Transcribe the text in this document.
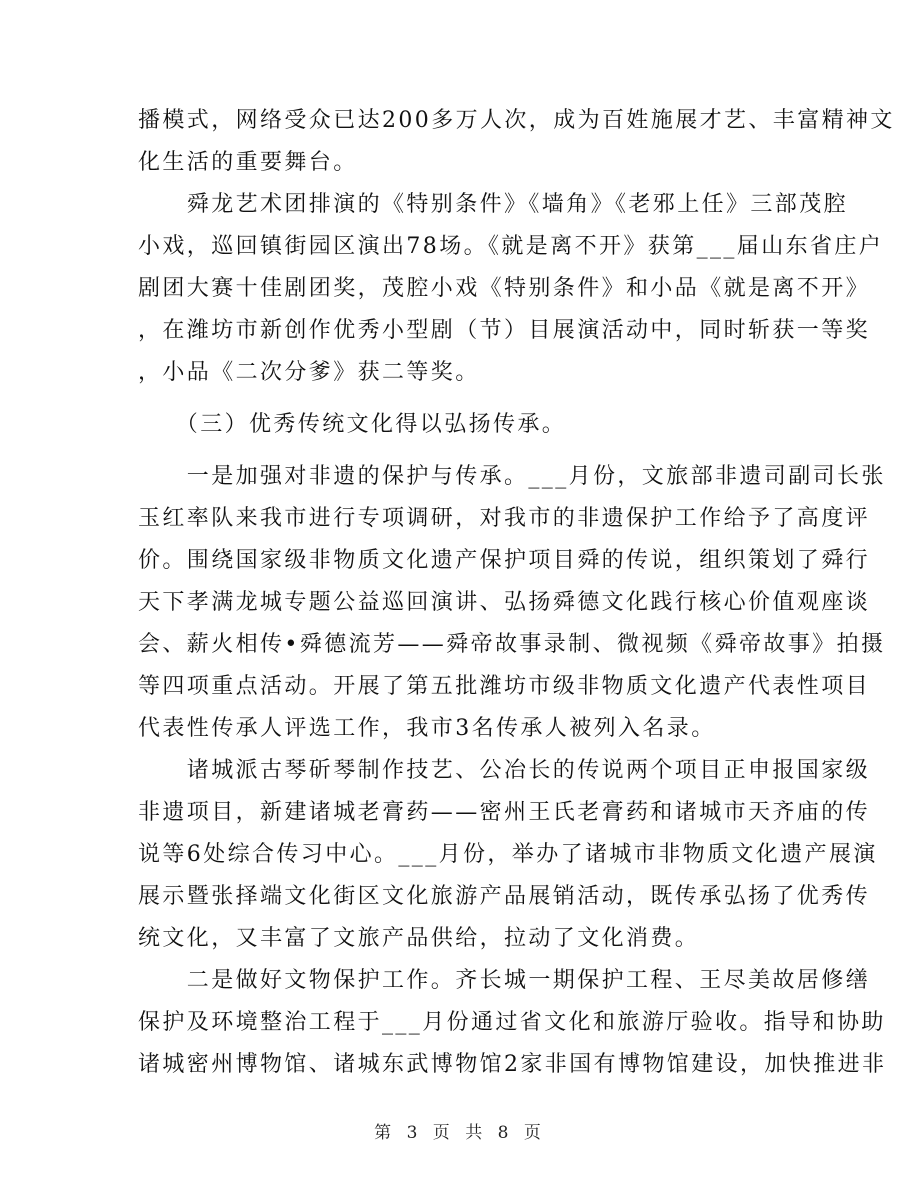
播模式，网络受众已达200多万人次，成为百姓施展才艺、丰富精神文
化生活的重要舞台。
　　舜龙艺术团排演的《特别条件》《墙角》《老邪上任》三部茂腔
小戏，巡回镇街园区演出78场。《就是离不开》获第___届山东省庄户
剧团大赛十佳剧团奖，茂腔小戏《特别条件》和小品《就是离不开》
，在潍坊市新创作优秀小型剧（节）目展演活动中，同时斩获一等奖
，小品《二次分爹》获二等奖。
　　（三）优秀传统文化得以弘扬传承。
　　一是加强对非遗的保护与传承。___月份，文旅部非遗司副司长张
玉红率队来我市进行专项调研，对我市的非遗保护工作给予了高度评
价。围绕国家级非物质文化遗产保护项目舜的传说，组织策划了舜行
天下孝满龙城专题公益巡回演讲、弘扬舜德文化践行核心价值观座谈
会、薪火相传•舜德流芳——舜帝故事录制、微视频《舜帝故事》拍摄
等四项重点活动。开展了第五批潍坊市级非物质文化遗产代表性项目
代表性传承人评选工作，我市3名传承人被列入名录。
　　诸城派古琴斫琴制作技艺、公冶长的传说两个项目正申报国家级
非遗项目，新建诸城老膏药——密州王氏老膏药和诸城市天齐庙的传
说等6处综合传习中心。___月份，举办了诸城市非物质文化遗产展演
展示暨张择端文化街区文化旅游产品展销活动，既传承弘扬了优秀传
统文化，又丰富了文旅产品供给，拉动了文化消费。
　　二是做好文物保护工作。齐长城一期保护工程、王尽美故居修缮
保护及环境整治工程于___月份通过省文化和旅游厅验收。指导和协助
诸城密州博物馆、诸城东武博物馆2家非国有博物馆建设，加快推进非
第 3 页 共 8 页
